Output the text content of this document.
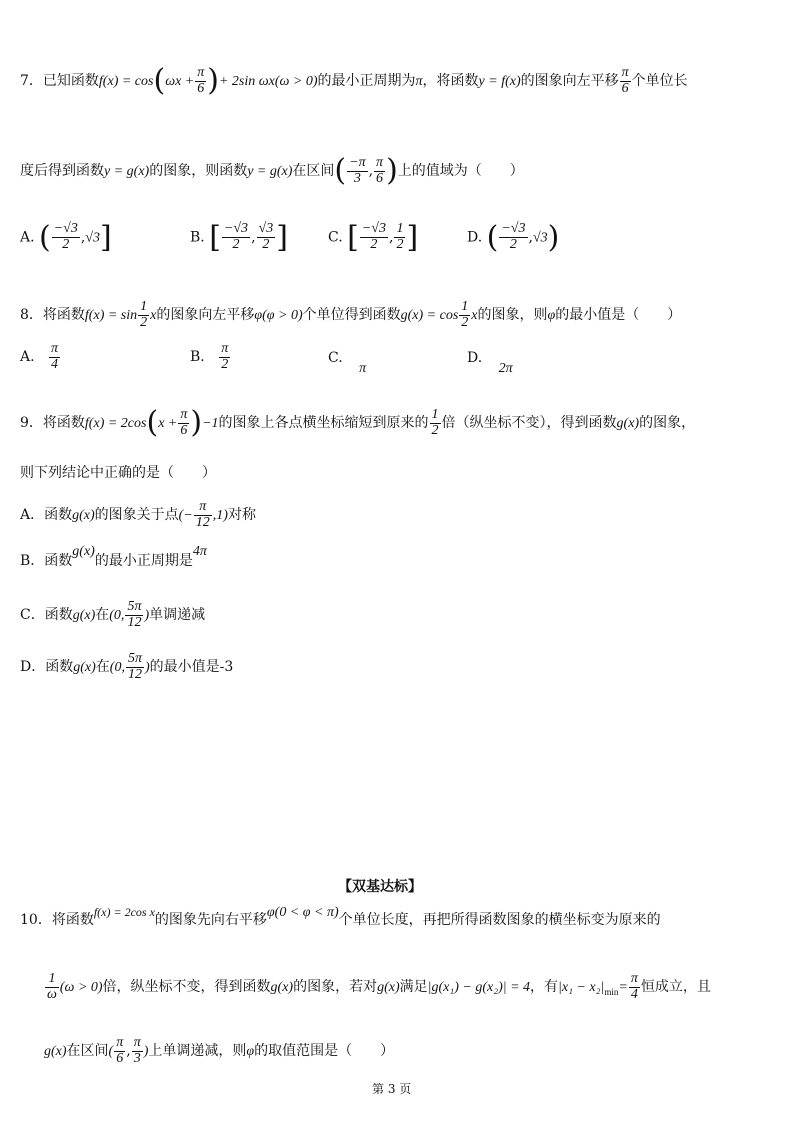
7．已知函数$f(x) = \cos(\omega x + \frac{\pi}{6}$ )+ 2sin ωx(ω > 0)的最小正周期为π，将函数y = f(x)的图象向左平移 $\frac{\pi}{6}$ 个单位长
度后得到函数y = g(x)的图象，则函数y = g(x)在区间( $\frac{-\pi}{3}$ , $\frac{\pi}{6}$ )上的值域为（　　）
A. ( $\frac{-√3}{2} ,√3$]	B. [ $\frac{-√3}{2}$ , $\frac{√3}{2}$ ]	C. [ $\frac{-√3}{2}$ , $\frac{1}{2}$ ]	D. ( $\frac{-√3}{2} ,√3$)
8．将函数$f(x) = \sin \frac{1}{2}$ x的图象向左平移φ(φ > 0)个单位得到函数$g(x) = \cos \frac{1}{2}$ x的图象，则φ的最小值是（　　）
A. $\frac{\pi}{4}$	B. $\frac{\pi}{2}$	C. π
D. 2π
9．将函数$f(x) = 2\cos(x + \frac{\pi}{6} )-1$的图象上各点横坐标缩短到原来的 $\frac{1}{2}$ 倍（纵坐标不变），得到函数g(x)的图象，
则下列结论中正确的是（　　）
A．函数g(x)的图象关于点(− $\frac{\pi}{12} ,1$)对称
B．函数g(x)的最小正周期是4π
C．函数g(x)在(0, $\frac{5\pi}{12}$ )单调递减
D．函数g(x)在(0, $\frac{5\pi}{12}$ )的最小值是-3
【双基达标】
10．将函数f(x) = 2cos x的图象先向右平移φ(0 < φ < π)个单位长度，再把所得函数图象的横坐标变为原来的
$\frac{1}{\omega} (\omega > 0)$倍，纵坐标不变，得到函数g(x)的图象，若对g(x)满足|g(x₁) − g(x₂)| = 4，有$|x_1 - x_2|_{min}= \frac{\pi}{4}$ 恒成立，且
g(x)在区间( $\frac{\pi}{6}$ , $\frac{\pi}{3}$ )上单调递减，则φ的取值范围是（　　）
第 3 页
